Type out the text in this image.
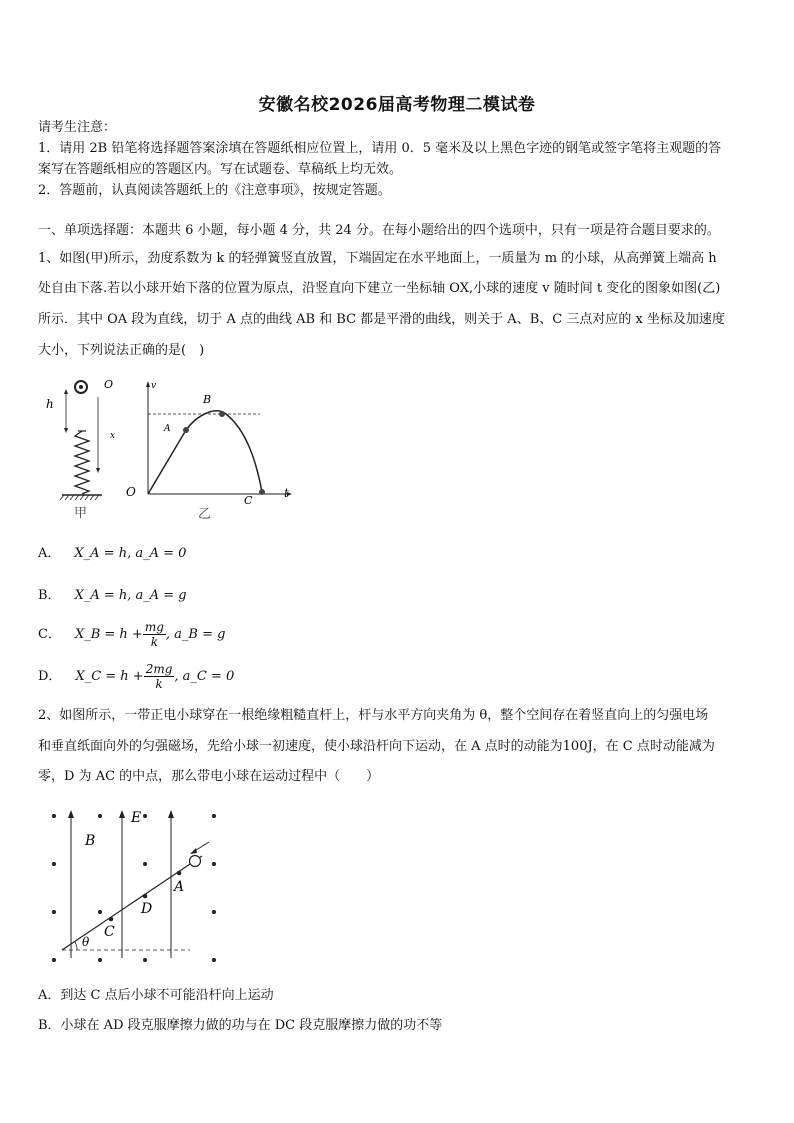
安徽名校2026届高考物理二模试卷
请考生注意：
1．请用 2B 铅笔将选择题答案涂填在答题纸相应位置上，请用 0．5 毫米及以上黑色字迹的钢笔或签字笔将主观题的答
案写在答题纸相应的答题区内。写在试题卷、草稿纸上均无效。
2．答题前，认真阅读答题纸上的《注意事项》，按规定答题。
一、单项选择题：本题共 6 小题，每小题 4 分，共 24 分。在每小题给出的四个选项中，只有一项是符合题目要求的。
1、如图(甲)所示，劲度系数为 k 的轻弹簧竖直放置，下端固定在水平地面上，一质量为 m 的小球，从高弹簧上端高 h
处自由下落.若以小球开始下落的位置为原点，沿竖直向下建立一坐标轴 OX,小球的速度 v 随时间 t 变化的图象如图(乙)
所示．其中 OA 段为直线，切于 A 点的曲线 AB 和 BC 都是平滑的曲线，则关于 A、B、C 三点对应的 x 坐标及加速度
大小，下列说法正确的是(　)
h
O
x
甲
v
t
O
A
B
C
乙
A． X_A = h, a_A = 0
B． X_A = h, a_A = g
C． X_B = $h + \frac{mg}{k}$ , a_B = g
D． X_C = $h + \frac{2mg}{k}$ , a_C = 0
2、如图所示，一带正电小球穿在一根绝缘粗糙直杆上，杆与水平方向夹角为 θ，整个空间存在着竖直向上的匀强电场
和垂直纸面向外的匀强磁场，先给小球一初速度，使小球沿杆向下运动，在 A 点时的动能为100J，在 C 点时动能减为
零，D 为 AC 的中点，那么带电小球在运动过程中（　　）
E
B
θ
A
D
C
A．到达 C 点后小球不可能沿杆向上运动
B．小球在 AD 段克服摩擦力做的功与在 DC 段克服摩擦力做的功不等
